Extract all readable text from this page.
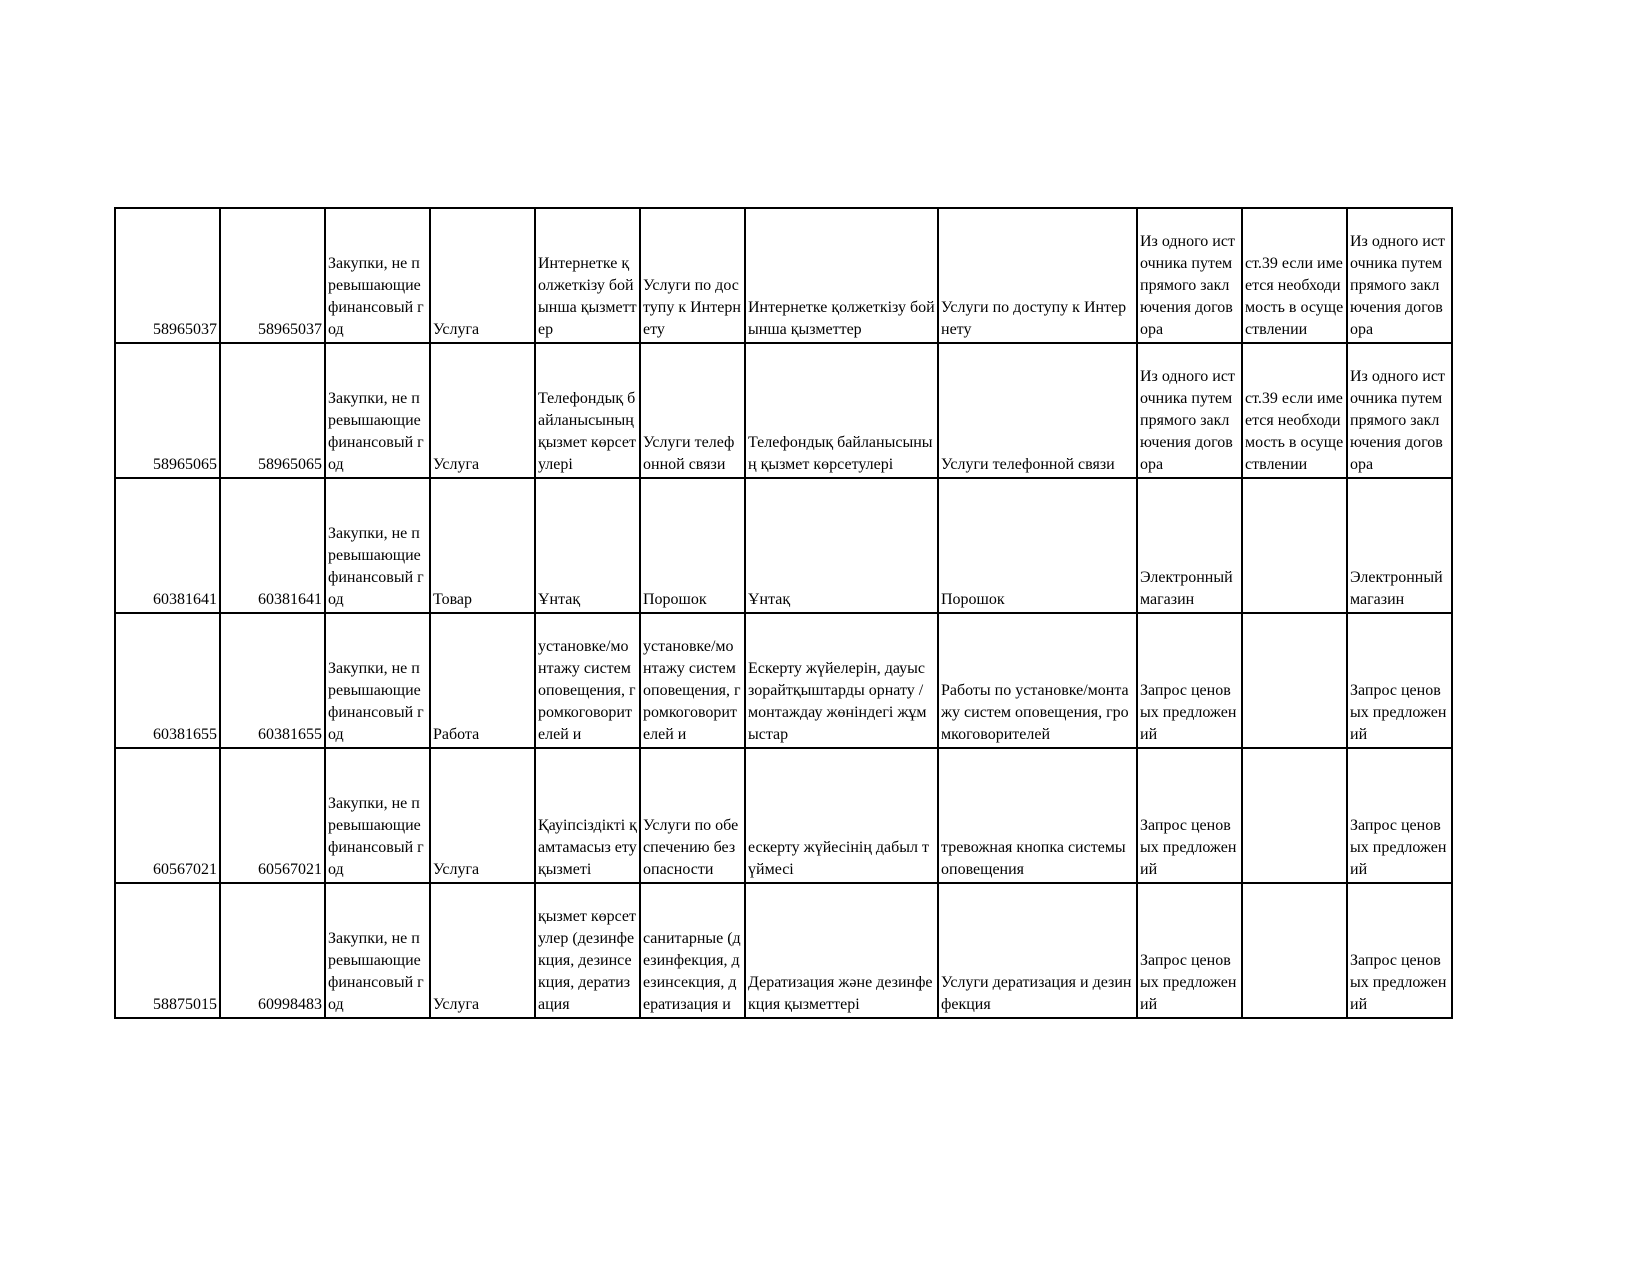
58965037	58965037	Закупки, не превышающие финансовый год	Услуга	Интернетке қолжеткізу бойынша қызметтер	Услуги по доступу к Интернету	Интернетке қолжеткізу бойынша қызметтер	Услуги по доступу к Интернету	Из одного источника путем прямого заключения договора	ст.39 если имеется необходимость в осуществлении	Из одного источника путем прямого заключения договора

58965065	58965065	Закупки, не превышающие финансовый год	Услуга	Телефондық байланысының қызмет көрсетулері	Услуги телефонной связи	Телефондық байланысының қызмет көрсетулері	Услуги телефонной связи	Из одного источника путем прямого заключения договора	ст.39 если имеется необходимость в осуществлении	Из одного источника путем прямого заключения договора

60381641	60381641	Закупки, не превышающие финансовый год	Товар	Ұнтақ	Порошок	Ұнтақ	Порошок	Электронный магазин		Электронный магазин

60381655	60381655	Закупки, не превышающие финансовый год	Работа	установке/монтажу систем оповещения, громкоговорителей и	установке/монтажу систем оповещения, громкоговорителей и	Ескерту жүйелерін, дауыс зорайтқыштарды орнату / монтаждау жөніндегі жұмыстар	Работы по установке/монтажу систем оповещения, громкоговорителей	Запрос ценовых предложений		Запрос ценовых предложений

60567021	60567021	Закупки, не превышающие финансовый год	Услуга	Қауіпсіздікті қамтамасыз ету қызметі	Услуги по обеспечению безопасности	ескерту жүйесінің дабыл түймесі	тревожная кнопка системы оповещения	Запрос ценовых предложений		Запрос ценовых предложений

58875015	60998483	Закупки, не превышающие финансовый год	Услуга	қызмет көрсетулер (дезинфекция, дезинсекция, дератизация	санитарные (дезинфекция, дезинсекция, дератизация и	Дератизация және дезинфекция қызметтері	Услуги дератизация и дезинфекция	Запрос ценовых предложений		Запрос ценовых предложений
